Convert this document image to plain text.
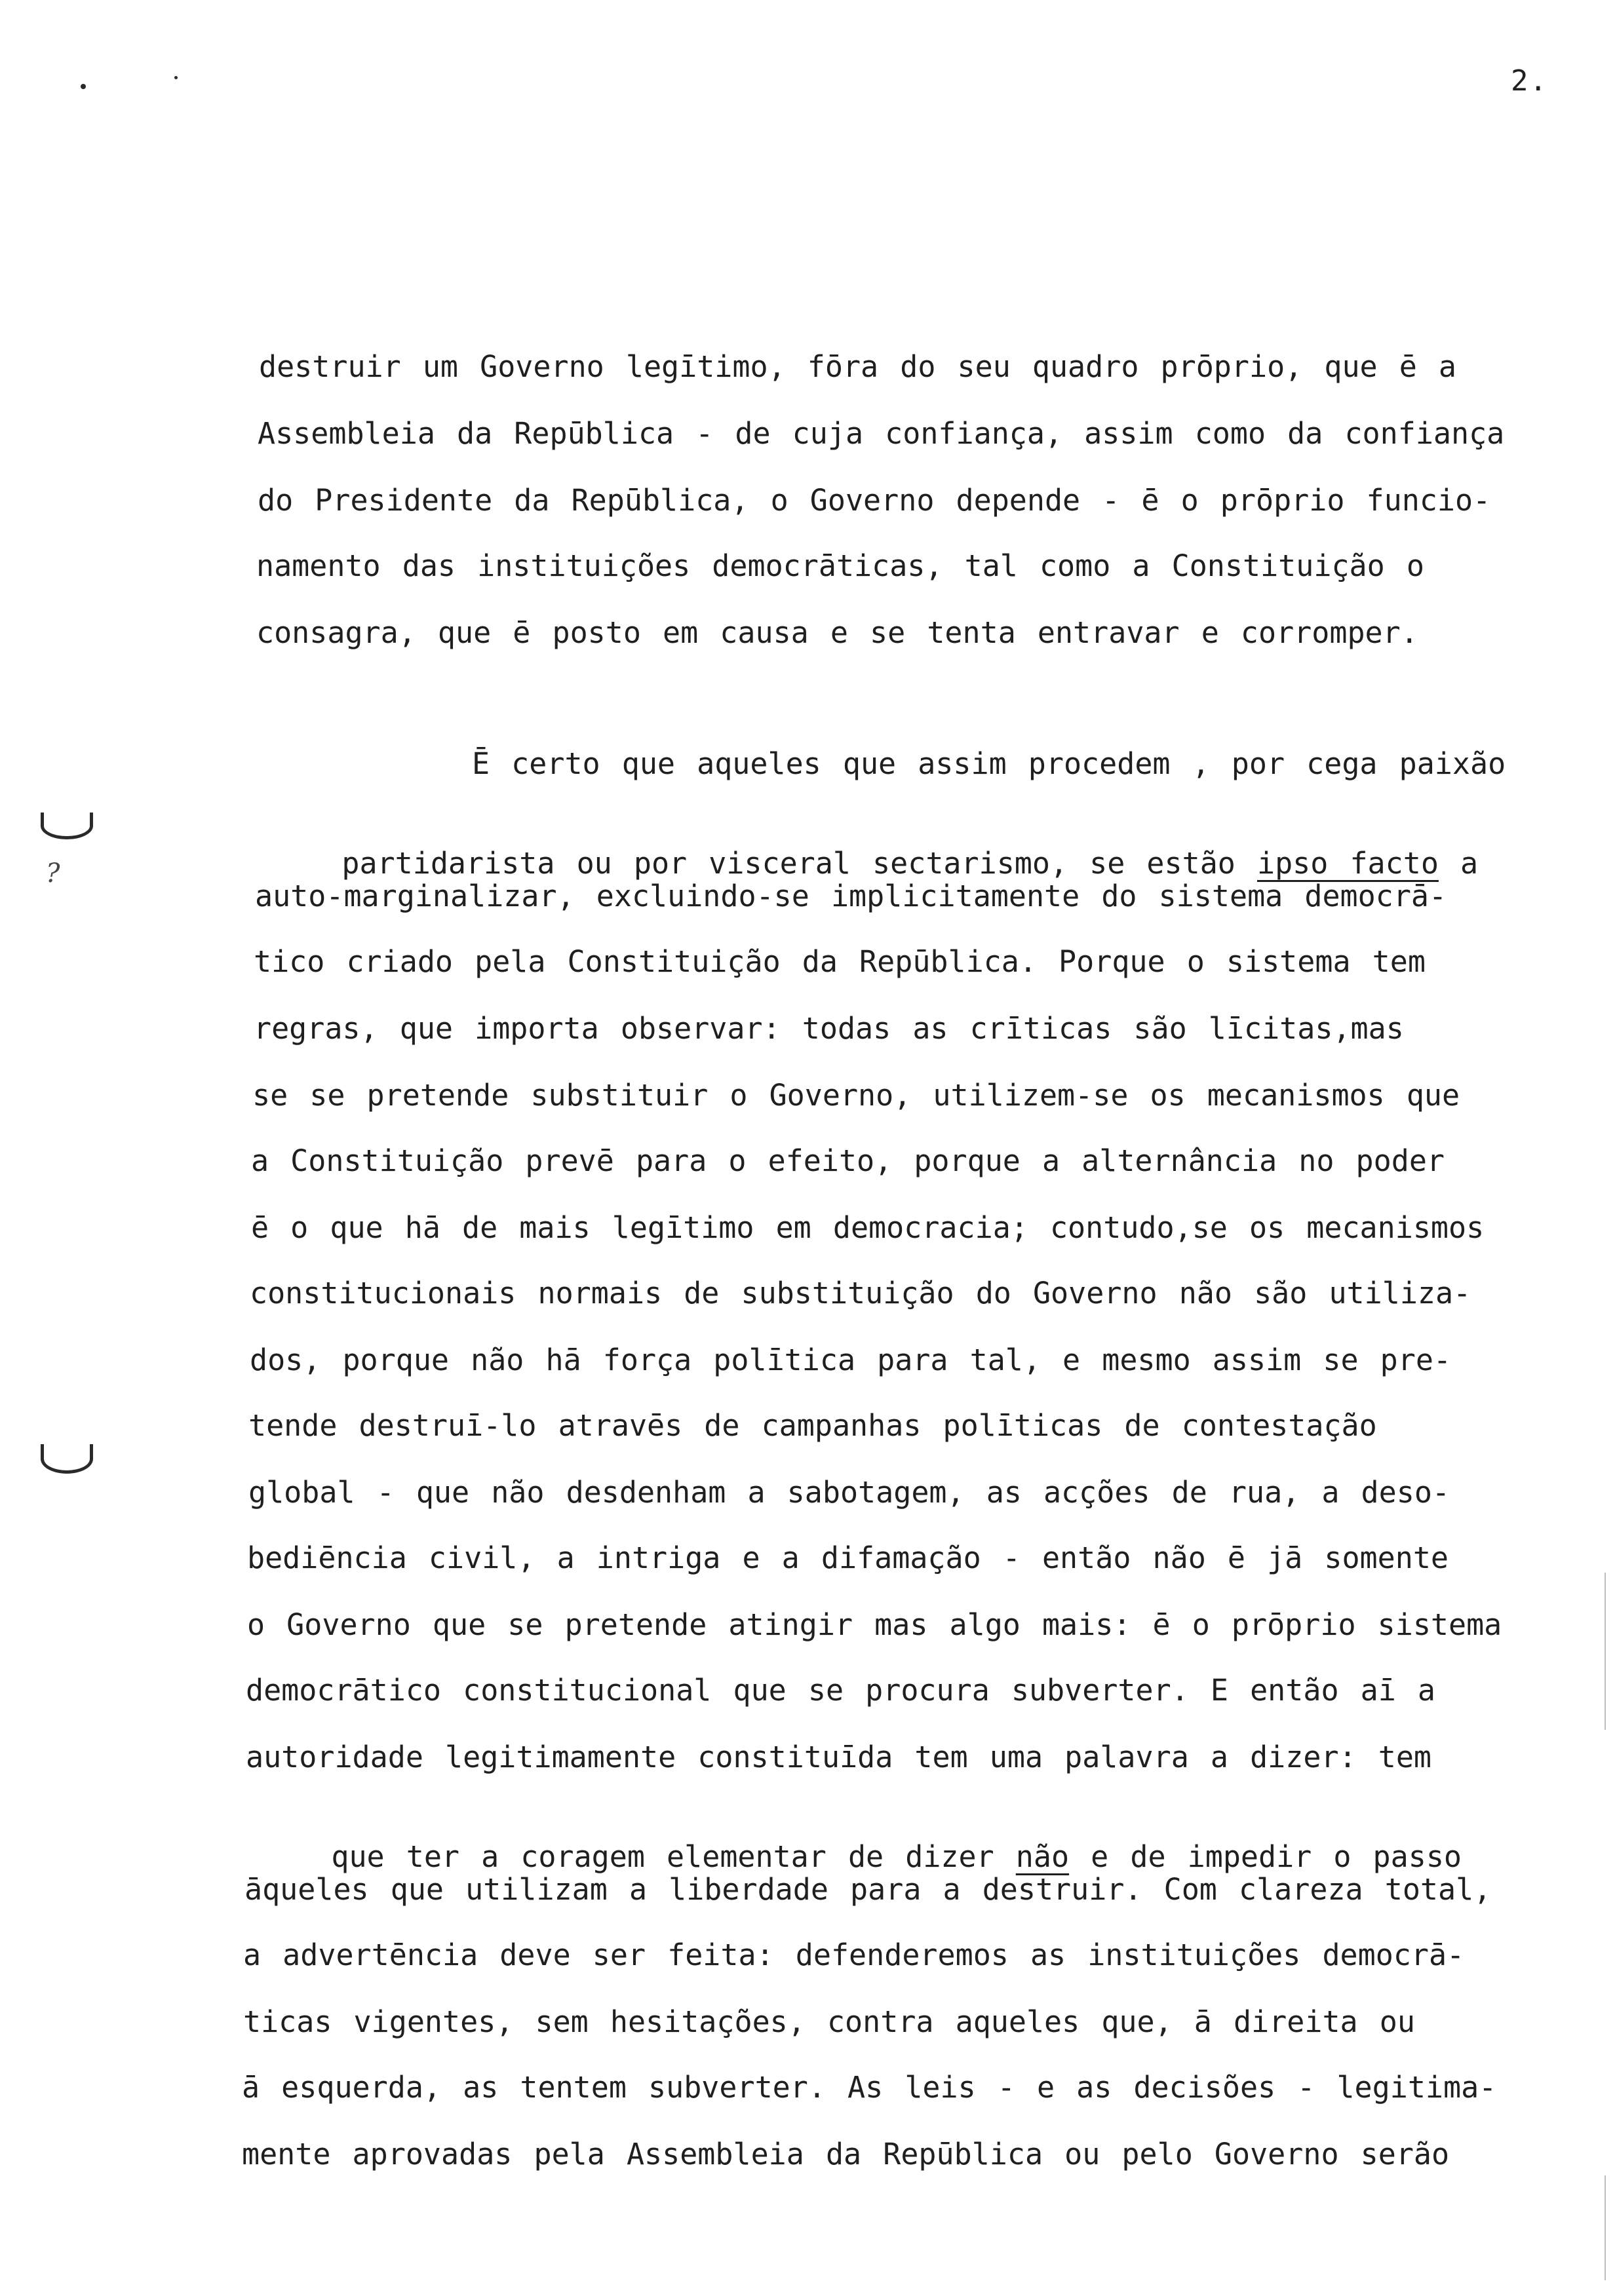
2.
destruir um Governo legītimo, fōra do seu quadro prōprio, que ē a
Assembleia da Repūblica - de cuja confiança, assim como da confiança
do Presidente da Repūblica, o Governo depende - ē o prōprio funcio-
namento das instituições democrāticas, tal como a Constituição o
consagra, que ē posto em causa e se tenta entravar e corromper.
Ē certo que aqueles que assim procedem , por cega paixão

partidarista ou por visceral sectarismo, se estão ipso facto a

auto-marginalizar, excluindo-se implicitamente do sistema democrā-
tico criado pela Constituição da Repūblica. Porque o sistema tem
regras, que importa observar: todas as crīticas são līcitas,mas
se se pretende substituir o Governo, utilizem-se os mecanismos que
a Constituição prevē para o efeito, porque a alternância no poder
ē o que hā de mais legītimo em democracia; contudo,se os mecanismos
constitucionais normais de substituição do Governo não são utiliza-
dos, porque não hā força polītica para tal, e mesmo assim se pre-
tende destruī-lo atravēs de campanhas polīticas de contestação
global - que não desdenham a sabotagem, as acções de rua, a deso-
bediēncia civil, a intriga e a difamação - então não ē jā somente
o Governo que se pretende atingir mas algo mais: ē o prōprio sistema
democrātico constitucional que se procura subverter. E então aī a
autoridade legitimamente constituīda tem uma palavra a dizer: tem

que ter a coragem elementar de dizer não e de impedir o passo

āqueles que utilizam a liberdade para a destruir. Com clareza total,
a advertēncia deve ser feita: defenderemos as instituições democrā-
ticas vigentes, sem hesitações, contra aqueles que, ā direita ou
ā esquerda, as tentem subverter. As leis - e as decisões - legitima-
mente aprovadas pela Assembleia da Repūblica ou pelo Governo serão
?
